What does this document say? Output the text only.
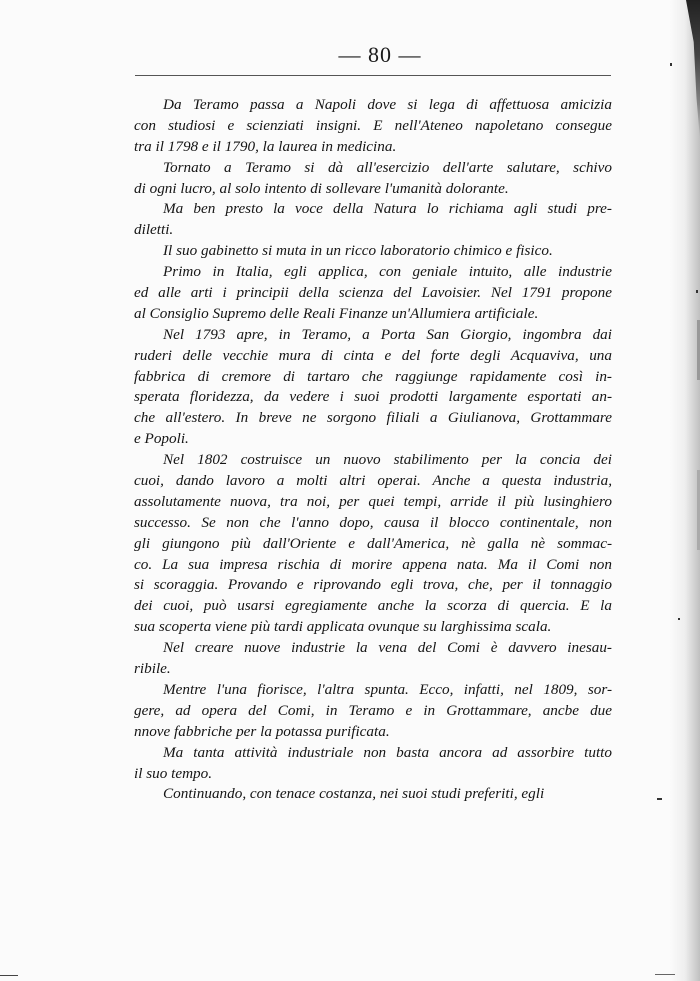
— 80 —
Da Teramo passa a Napoli dove si lega di affettuosa amicizia
con studiosi e scienziati insigni. E nell'Ateneo napoletano consegue
tra il 1798 e il 1790, la laurea in medicina.
Tornato a Teramo si dà all'esercizio dell'arte salutare, schivo
di ogni lucro, al solo intento di sollevare l'umanità dolorante.
Ma ben presto la voce della Natura lo richiama agli studi pre-
diletti.
Il suo gabinetto si muta in un ricco laboratorio chimico e fisico.
Primo in Italia, egli applica, con geniale intuito, alle industrie
ed alle arti i principii della scienza del Lavoisier. Nel 1791 propone
al Consiglio Supremo delle Reali Finanze un'Allumiera artificiale.
Nel 1793 apre, in Teramo, a Porta San Giorgio, ingombra dai
ruderi delle vecchie mura di cinta e del forte degli Acquaviva, una
fabbrica di cremore di tartaro che raggiunge rapidamente così in-
sperata floridezza, da vedere i suoi prodotti largamente esportati an-
che all'estero. In breve ne sorgono filiali a Giulianova, Grottammare
e Popoli.
Nel 1802 costruisce un nuovo stabilimento per la concia dei
cuoi, dando lavoro a molti altri operai. Anche a questa industria,
assolutamente nuova, tra noi, per quei tempi, arride il più lusinghiero
successo. Se non che l'anno dopo, causa il blocco continentale, non
gli giungono più dall'Oriente e dall'America, nè galla nè sommac-
co. La sua impresa rischia di morire appena nata. Ma il Comi non
si scoraggia. Provando e riprovando egli trova, che, per il tonnaggio
dei cuoi, può usarsi egregiamente anche la scorza di quercia. E la
sua scoperta viene più tardi applicata ovunque su larghissima scala.
Nel creare nuove industrie la vena del Comi è davvero inesau-
ribile.
Mentre l'una fiorisce, l'altra spunta. Ecco, infatti, nel 1809, sor-
gere, ad opera del Comi, in Teramo e in Grottammare, ancbe due
nnove fabbriche per la potassa purificata.
Ma tanta attività industriale non basta ancora ad assorbire tutto
il suo tempo.
Continuando, con tenace costanza, nei suoi studi preferiti, egli
